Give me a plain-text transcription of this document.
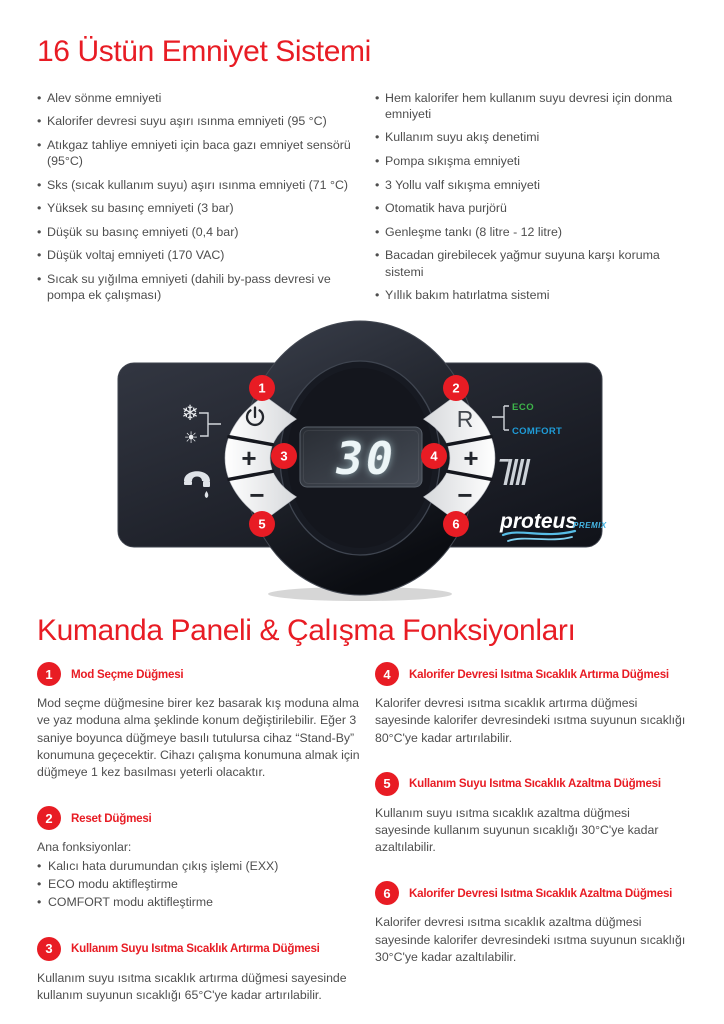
16 Üstün Emniyet Sistemi
• Alev sönme emniyeti
• Kalorifer devresi suyu aşırı ısınma emniyeti (95 °C)
• Atıkgaz tahliye emniyeti için baca gazı emniyet sensörü (95°C)
• Sks (sıcak kullanım suyu) aşırı ısınma emniyeti (71 °C)
• Yüksek su basınç emniyeti (3 bar)
• Düşük su basınç emniyeti (0,4 bar)
• Düşük voltaj emniyeti (170 VAC)
• Sıcak su yığılma emniyeti (dahili by-pass devresi ve pompa ek çalışması)
• Hem kalorifer hem kullanım suyu devresi için donma emniyeti
• Kullanım suyu akış denetimi
• Pompa sıkışma emniyeti
• 3 Yollu valf sıkışma emniyeti
• Otomatik hava purjörü
• Genleşme tankı (8 litre - 12 litre)
• Bacadan girebilecek yağmur suyuna karşı koruma sistemi
• Yıllık bakım hatırlatma sistemi
+
−
R
+
−
30
❄
☀
ECO
COMFORT
proteus
PREMIX
1	2
3	4
5	6
Kumanda Paneli & Çalışma Fonksiyonları
1	Mod Seçme Düğmesi
Mod seçme düğmesine birer kez basarak kış moduna alma ve yaz moduna alma şeklinde konum değiştirilebilir. Eğer 3 saniye boyunca düğmeye basılı tutulursa cihaz “Stand-By” konumuna geçecektir. Cihazı çalışma konumuna almak için düğmeye 1 kez basılması yeterli olacaktır.
2	Reset Düğmesi
Ana fonksiyonlar:
• Kalıcı hata durumundan çıkış işlemi (EXX)
• ECO modu aktifleştirme
• COMFORT modu aktifleştirme
3	Kullanım Suyu Isıtma Sıcaklık Artırma Düğmesi
Kullanım suyu ısıtma sıcaklık artırma düğmesi sayesinde kullanım suyunun sıcaklığı 65°C'ye kadar artırılabilir.
4	Kalorifer Devresi Isıtma Sıcaklık Artırma Düğmesi
Kalorifer devresi ısıtma sıcaklık artırma düğmesi sayesinde kalorifer devresindeki ısıtma suyunun sıcaklığı 80°C'ye kadar artırılabilir.
5	Kullanım Suyu Isıtma Sıcaklık Azaltma Düğmesi
Kullanım suyu ısıtma sıcaklık azaltma düğmesi sayesinde kullanım suyunun sıcaklığı 30°C'ye kadar azaltılabilir.
6	Kalorifer Devresi Isıtma Sıcaklık Azaltma Düğmesi
Kalorifer devresi ısıtma sıcaklık azaltma düğmesi sayesinde kalorifer devresindeki ısıtma suyunun sıcaklığı 30°C'ye kadar azaltılabilir.
